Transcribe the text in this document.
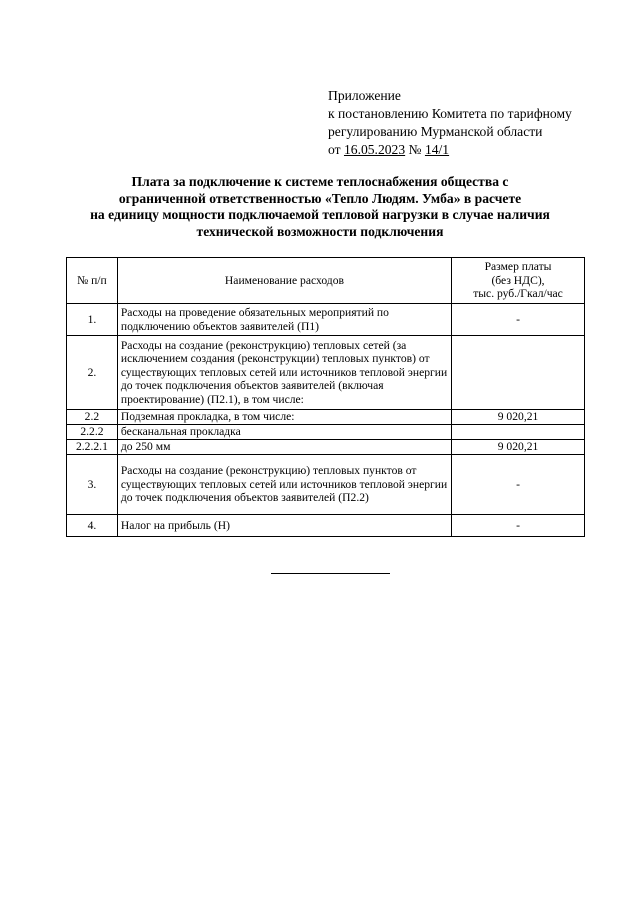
Приложение
к постановлению Комитета по тарифному
регулированию Мурманской области
от 16.05.2023 № 14/1
Плата за подключение к системе теплоснабжения общества с
ограниченной ответственностью «Тепло Людям. Умба» в расчете
на единицу мощности подключаемой тепловой нагрузки в случае наличия
технической возможности подключения
№ п/п	Наименование расходов	Размер платы
(без НДС),
тыс. руб./Гкал/час

1.	Расходы на проведение обязательных мероприятий по подключению объектов заявителей (П1)	-
2.	Расходы на создание (реконструкцию) тепловых сетей (за исключением создания (реконструкции) тепловых пунктов) от существующих тепловых сетей или источников тепловой энергии до точек подключения объектов заявителей (включая проектирование) (П2.1), в том числе:	
2.2	Подземная прокладка, в том числе:	9 020,21
2.2.2	бесканальная прокладка	
2.2.2.1	до 250 мм	9 020,21
3.	Расходы на создание (реконструкцию) тепловых пунктов от существующих тепловых сетей или источников тепловой энергии до точек подключения объектов заявителей (П2.2)	-
4.	Налог на прибыль (Н)	-
